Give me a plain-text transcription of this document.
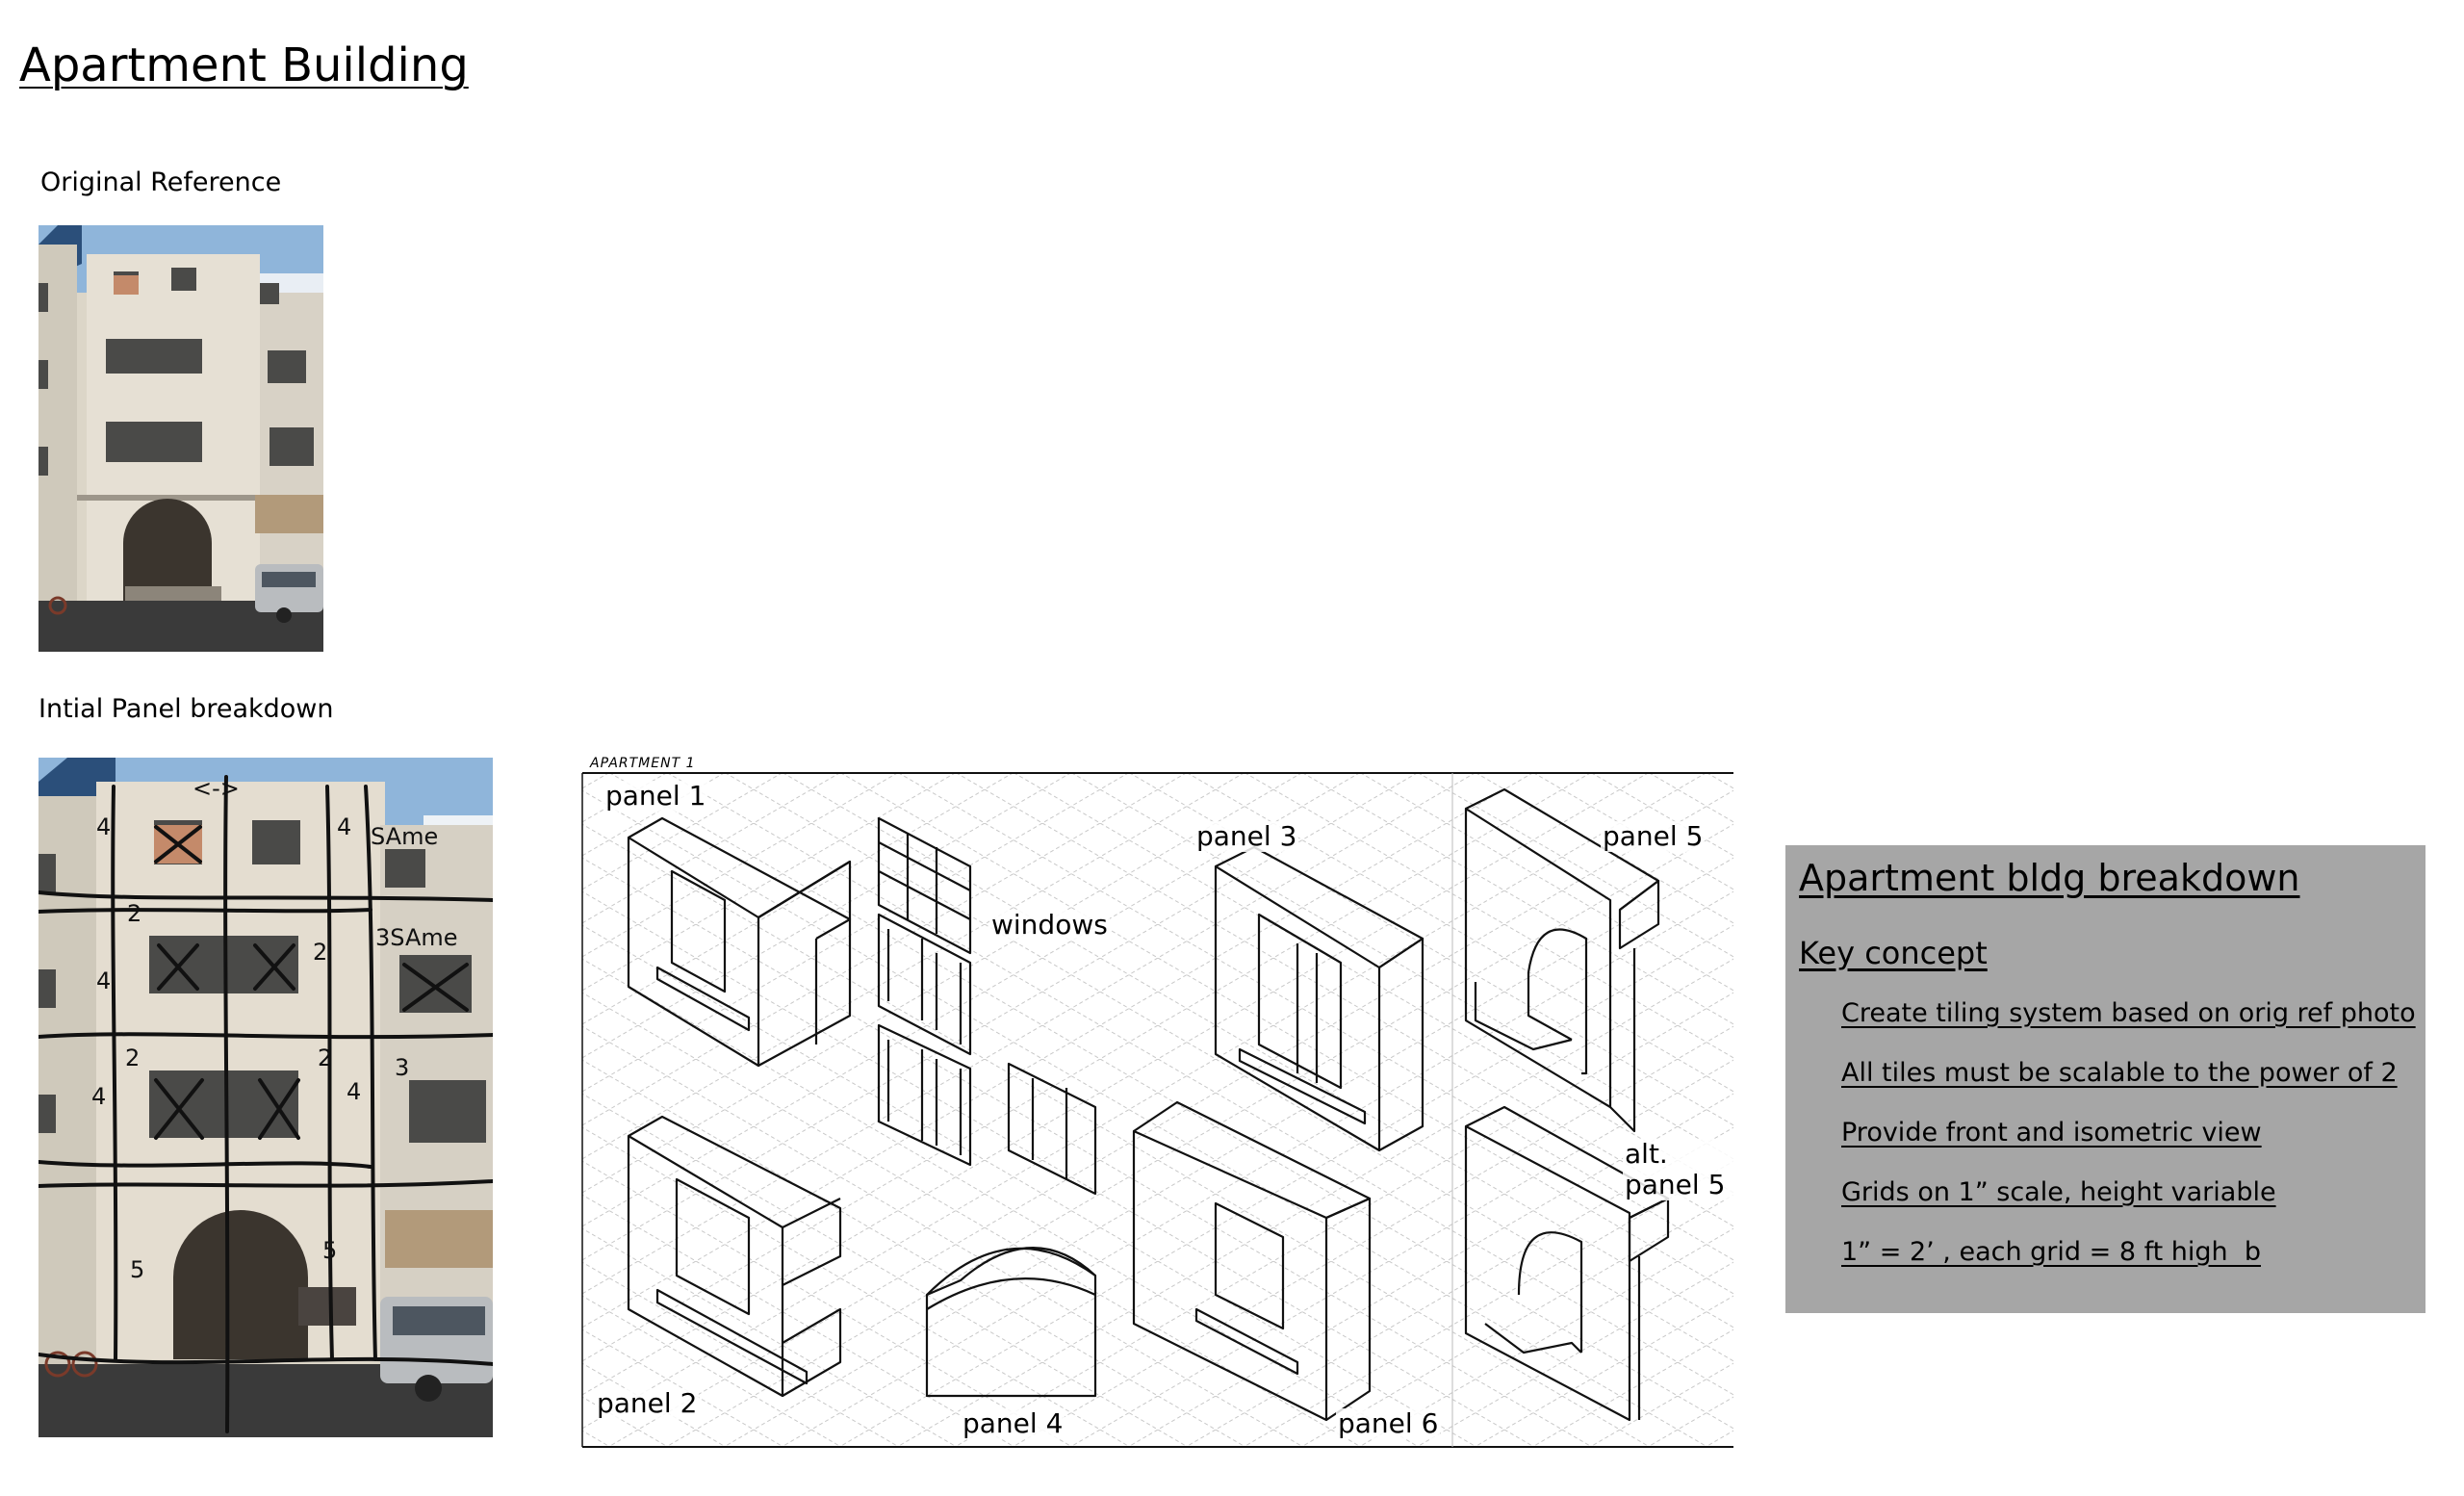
Apartment Building
Original Reference
Intial Panel breakdown
<->
SAme
3SAme
2
4
2
2
4
2
4
3
5
5
4	4
APARTMENT 1
panel 1
windows
panel 3	panel 5
alt. panel 5
panel 2
panel 4	panel 6
Apartment bldg breakdown
Key concept
Create tiling system based on orig ref photo
All tiles must be scalable to the power of 2
Provide front and isometric view
Grids on 1” scale, height variable
1” = 2’ , each grid = 8 ft high  b
